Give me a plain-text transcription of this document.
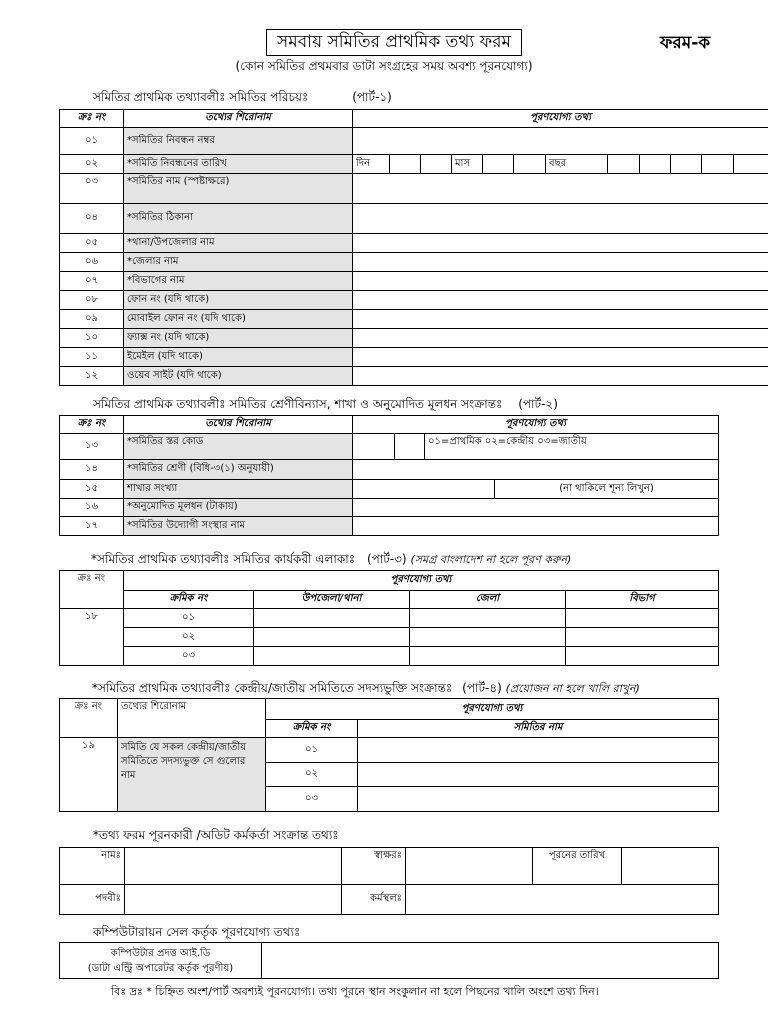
সমবায় সমিতির প্রাথমিক তথ্য ফরম	ফরম-ক
(কোন সমিতির প্রথমবার ডাটা সংগ্রহের সময় অবশ্য পূরনযোগ্য)
সমিতির প্রাথমিক তথ্যাবলীঃ সমিতির পরিচয়ঃ	(পার্ট-১)
ক্রঃ নং	তথ্যের শিরোনাম	পূরণযোগ্য তথ্য											
০১	*সমিতির নিবন্ধন নম্বর												
০২	*সমিতি নিবন্ধনের তারিখ	দিন			মাস			বছর					
০৩	*সমিতির নাম (স্পষ্টাক্ষরে)												
০৪	*সমিতির ঠিকানা												
০৫	*থানা/উপজেলার নাম												
০৬	*জেলার নাম												
০৭	*বিভাগের নাম												
০৮	ফোন নং (যদি থাকে)												
০৯	মোবাইল ফোন নং (যদি থাকে)												
১০	ফ্যাক্স নং (যদি থাকে)												
১১	ইমেইল (যদি থাকে)												
১২	ওয়েব সাইট (যদি থাকে)												
সমিতির প্রাথমিক তথ্যাবলীঃ সমিতির শ্রেণীবিন্যাস, শাখা ও অনুমোদিত মূলধন সংক্রান্তঃ (পার্ট-২)
ক্রঃ নং	তথ্যের শিরোনাম	পূরণযোগ্য তথ্য			
১৩	*সমিতির স্তর কোড			০১=প্রাথমিক ০২=কেন্দ্রীয় ০৩=জাতীয়	
১৪	*সমিতির শ্রেণী (বিধি-৩(১) অনুযায়ী)				
১৫	শাখার সংখ্যা				(না থাকিলে শূন্য লিখুন)
১৬	*অনুমোদিত মূলধন (টাকায়)				
১৭	*সমিতির উদ্যোগী সংস্থার নাম				
*সমিতির প্রাথমিক তথ্যাবলীঃ সমিতির কার্যকরী এলাকাঃ (পার্ট-৩) (সমগ্র বাংলাদেশ না হলে পূরণ করুন)
ক্রঃ নং	পূরণযোগ্য তথ্য			
	ক্রমিক নং	উপজেলা/থানা	জেলা	বিভাগ
১৮	০১			
	০২			
	০৩			
*সমিতির প্রাথমিক তথ্যাবলীঃ কেন্দ্রীয়/জাতীয় সমিতিতে সদস্যভুক্তি সংক্রান্তঃ (পার্ট-৪) (প্রয়োজন না হলে খালি রাখুন)
ক্রঃ নং	তথ্যের শিরোনাম	পূরণযোগ্য তথ্য	
		ক্রমিক নং	সমিতির নাম
১৯	সমিতি যে সকল কেন্দ্রীয়/জাতীয় সমিতিতে সদস্যভুক্ত সে গুলোর নাম	০১	
		০২	
		০৩	
*তথ্য ফরম পূরনকারী /অডিট কর্মকর্তা সংক্রান্ত তথ্যঃ
নামঃ		স্বাক্ষরঃ		পূরনের তারিখ	
পদবীঃ		কর্মস্থলঃ			
কম্পিউটারায়ন সেল কর্তৃক পূরণযোগ্য তথ্যঃ
কম্পিউটার প্রদত্ত আই.ডি
(ডাটা এন্ট্রি অপারেটর কর্তৃক পূরণীয়)

বিঃ দ্রঃ * চিহ্নিত অংশ/পার্ট অবশ্যই পূরনযোগ্য। তথ্য পূরনে স্থান সংকুলান না হলে পিছনের খালি অংশে তথ্য দিন।
